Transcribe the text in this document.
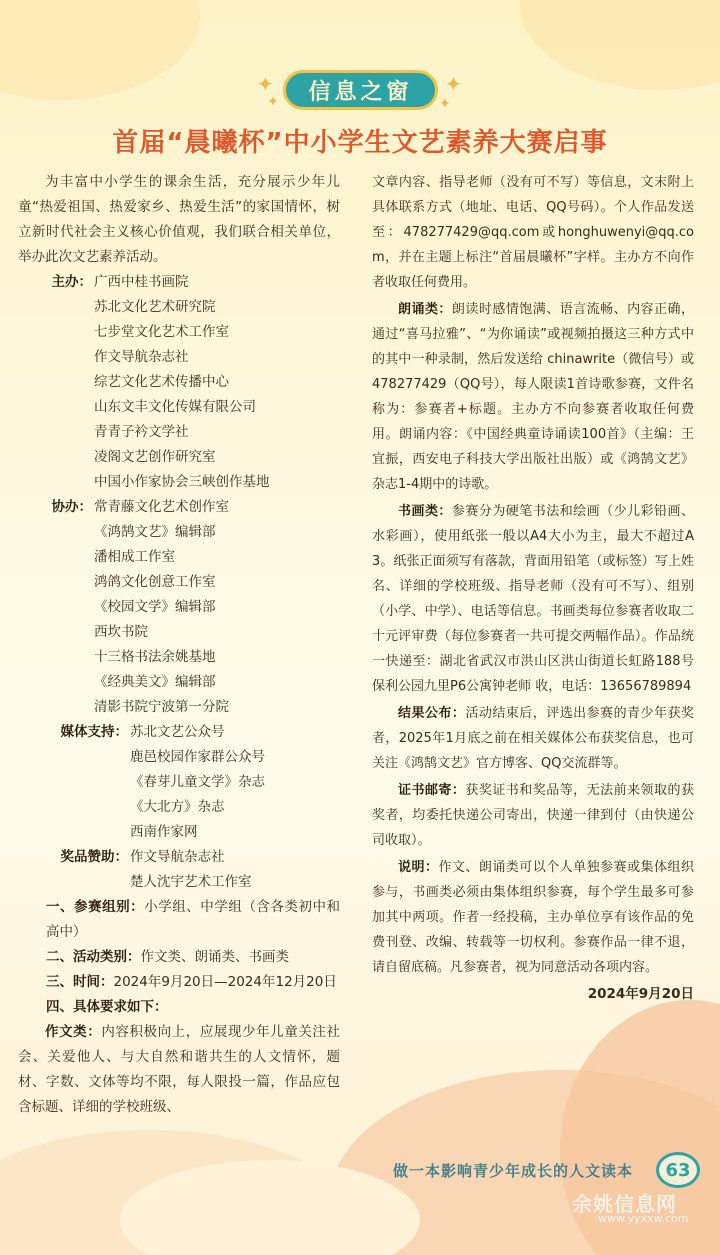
✦
✦	信息之窗	✦
✦
首届“晨曦杯”中小学生文艺素养大赛启事

为丰富中小学生的课余生活，充分展示少年儿童“热爱祖国、热爱家乡、热爱生活”的家国情怀，树立新时代社会主义核心价值观，我们联合相关单位，举办此次文艺素养活动。

主办： 广西中桂书画院
苏北文化艺术研究院
七步堂文化艺术工作室
作文导航杂志社
综艺文化艺术传播中心
山东文丰文化传媒有限公司
青青子衿文学社
凌阁文艺创作研究室
中国小作家协会三峡创作基地
协办： 常青藤文化艺术创作室
《鸿鹄文艺》编辑部
潘相成工作室
鸿鸽文化创意工作室
《校园文学》编辑部
西坎书院
十三格书法余姚基地
《经典美文》编辑部
清影书院宁波第一分院
媒体支持： 苏北文艺公众号
鹿邑校园作家群公众号
《春芽儿童文学》杂志
《大北方》杂志
西南作家网
奖品赞助： 作文导航杂志社
楚人沈宇艺术工作室

一、参赛组别：小学组、中学组（含各类初中和高中）

二、活动类别：作文类、朗诵类、书画类

三、时间：2024年9月20日—2024年12月20日

四、具体要求如下：

作文类：内容积极向上，应展现少年儿童关注社会、关爱他人、与大自然和谐共生的人文情怀，题材、字数、文体等均不限，每人限投一篇，作品应包含标题、详细的学校班级、

文章内容、指导老师（没有可不写）等信息，文末附上具体联系方式（地址、电话、QQ号码）。个人作品发送至：478277429@qq.com或honghuwenyi@qq.com，并在主题上标注“首届晨曦杯”字样。主办方不向作者收取任何费用。

朗诵类：朗读时感情饱满、语言流畅、内容正确，通过“喜马拉雅”、“为你诵读”或视频拍摄这三种方式中的其中一种录制，然后发送给 chinawrite（微信号）或478277429（QQ号），每人限读1首诗歌参赛，文件名称为：参赛者+标题。主办方不向参赛者收取任何费用。朗诵内容：《中国经典童诗诵读100首》（主编：王宜振，西安电子科技大学出版社出版）或《鸿鹄文艺》杂志1-4期中的诗歌。

书画类：参赛分为硬笔书法和绘画（少儿彩铅画、水彩画），使用纸张一般以A4大小为主，最大不超过A3。纸张正面须写有落款，背面用铅笔（或标签）写上姓名、详细的学校班级、指导老师（没有可不写）、组别（小学、中学）、电话等信息。书画类每位参赛者收取二十元评审费（每位参赛者一共可提交两幅作品）。作品统一快递至：湖北省武汉市洪山区洪山街道长虹路188号保利公园九里P6公寓钟老师 收，电话：13656789894

结果公布：活动结束后，评选出参赛的青少年获奖者，2025年1月底之前在相关媒体公布获奖信息，也可关注《鸿鹄文艺》官方博客、QQ交流群等。

证书邮寄：获奖证书和奖品等，无法前来领取的获奖者，均委托快递公司寄出，快递一律到付（由快递公司收取）。

说明：作文、朗诵类可以个人单独参赛或集体组织参与，书画类必须由集体组织参赛，每个学生最多可参加其中两项。作者一经投稿，主办单位享有该作品的免费刊登、改编、转载等一切权利。参赛作品一律不退，请自留底稿。凡参赛者，视为同意活动各项内容。

2024年9月20日

做一本影响青少年成长的人文读本	63
余姚信息网
www.yyxxw.com
